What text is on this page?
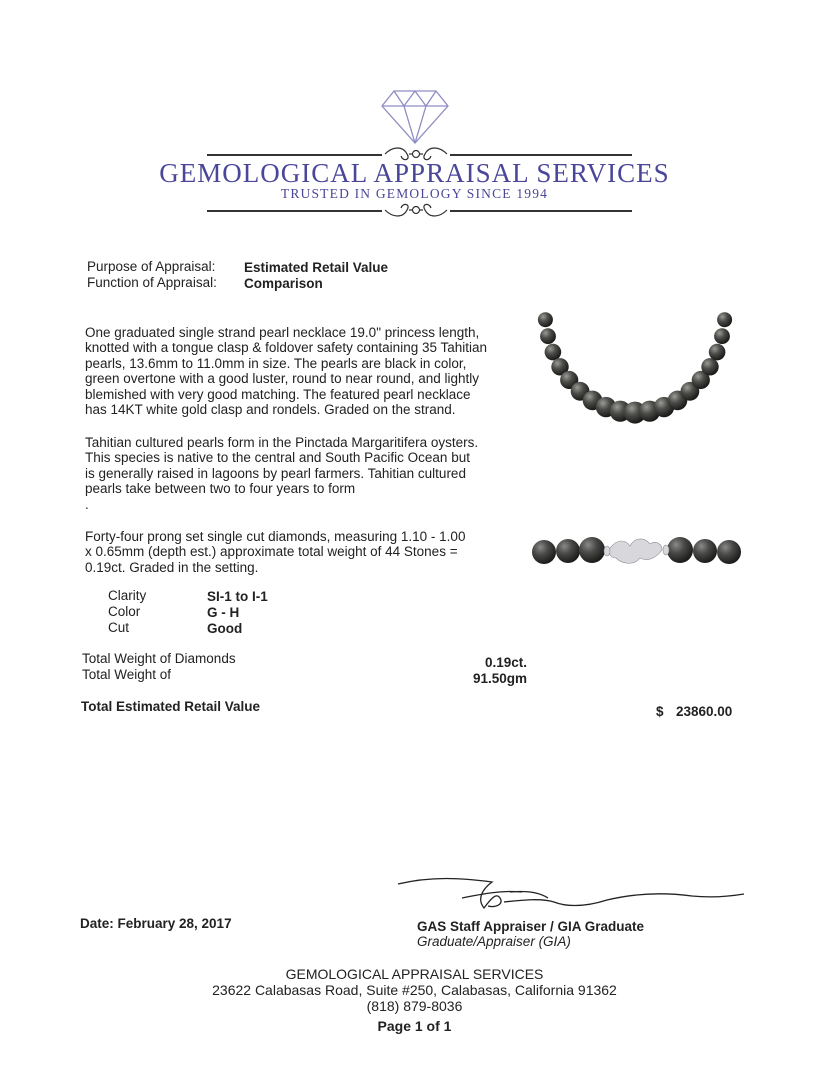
GEMOLOGICAL APPRAISAL SERVICES
TRUSTED IN GEMOLOGY SINCE 1994
Purpose of Appraisal: Estimated Retail Value
Function of Appraisal: Comparison
One graduated single strand pearl necklace 19.0" princess length,
knotted with a tongue clasp & foldover safety containing 35 Tahitian
pearls, 13.6mm to 11.0mm in size. The pearls are black in color,
green overtone with a good luster, round to near round, and lightly
blemished with very good matching. The featured pearl necklace
has 14KT white gold clasp and rondels. Graded on the strand.
Tahitian cultured pearls form in the Pinctada Margaritifera oysters.
This species is native to the central and South Pacific Ocean but
is generally raised in lagoons by pearl farmers. Tahitian cultured
pearls take between two to four years to form
.
Forty-four prong set single cut diamonds, measuring 1.10 - 1.00
x 0.65mm (depth est.) approximate total weight of 44 Stones =
0.19ct. Graded in the setting.
Clarity	SI-1 to I-1
Color	G - H
Cut	Good
Total Weight of Diamonds	0.19ct.
Total Weight of	91.50gm
Total Estimated Retail Value	$ 23860.00
Date: February 28, 2017	GAS Staff Appraiser / GIA Graduate
Graduate/Appraiser (GIA)
GEMOLOGICAL APPRAISAL SERVICES
23622 Calabasas Road, Suite #250, Calabasas, California 91362
(818) 879-8036
Page 1 of 1
